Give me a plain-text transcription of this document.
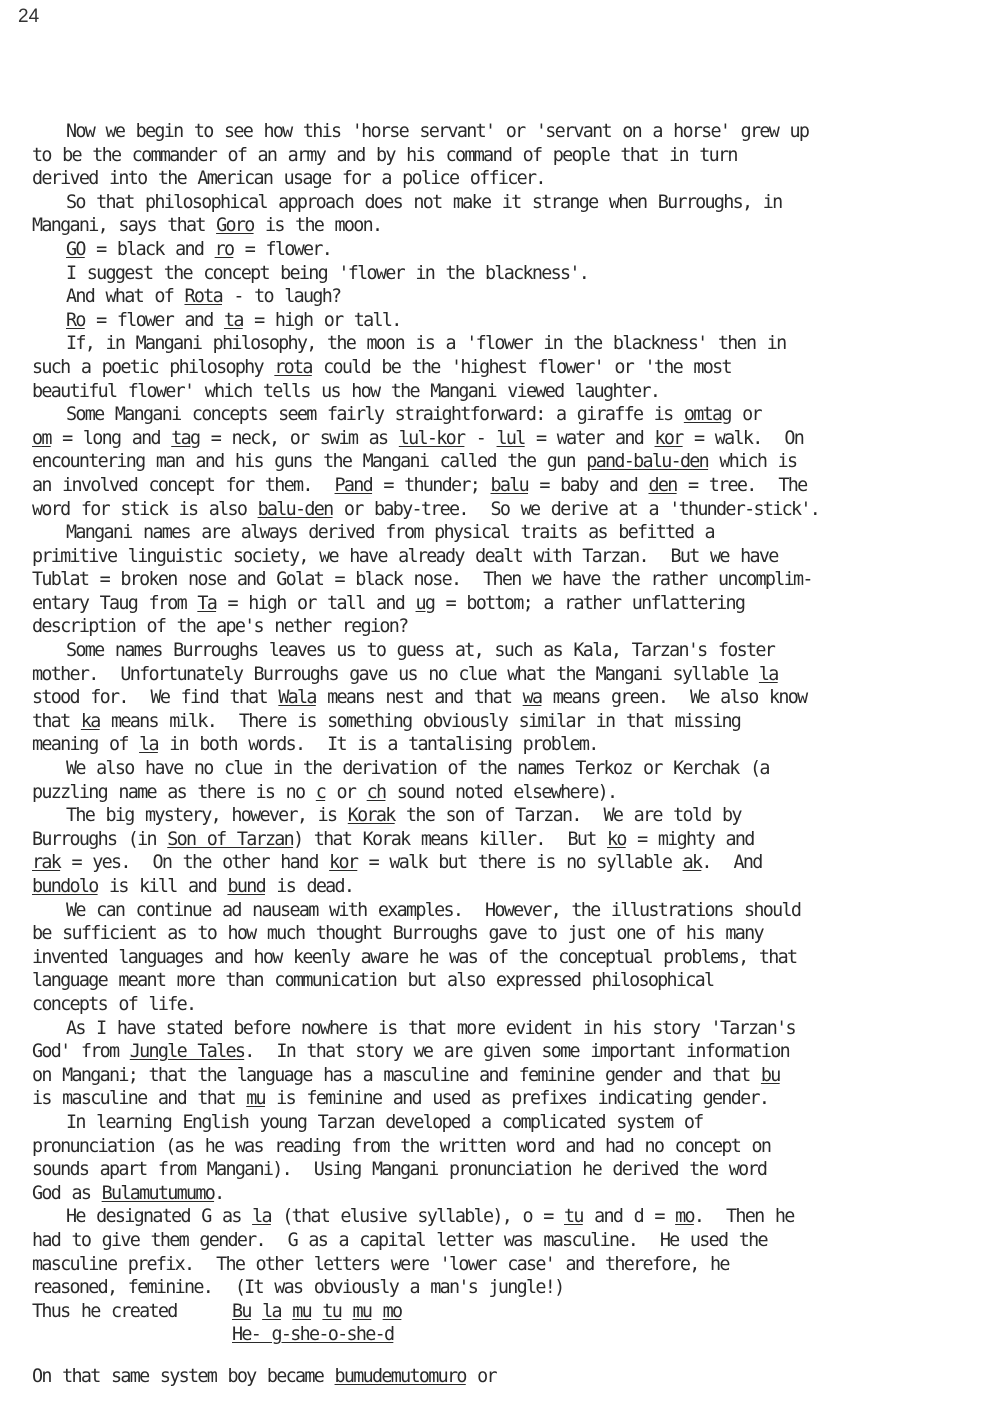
24
Now we begin to see how this 'horse servant' or 'servant on a horse' grew up
to be the commander of an army and by his command of people that in turn
derived into the American usage for a police officer.
So that philosophical approach does not make it strange when Burroughs, in
Mangani, says that Goro is the moon.
GO = black and ro = flower.
I suggest the concept being 'flower in the blackness'.
And what of Rota - to laugh?
Ro = flower and ta = high or tall.
If, in Mangani philosophy, the moon is a 'flower in the blackness' then in
such a poetic philosophy rota could be the 'highest flower' or 'the most
beautiful flower' which tells us how the Mangani viewed laughter.
Some Mangani concepts seem fairly straightforward: a giraffe is omtag or
om = long and tag = neck, or swim as lul-kor - lul = water and kor = walk.  On
encountering man and his guns the Mangani called the gun pand-balu-den which is
an involved concept for them.  Pand = thunder; balu = baby and den = tree.  The
word for stick is also balu-den or baby-tree.  So we derive at a 'thunder-stick'.
Mangani names are always derived from physical traits as befitted a
primitive linguistic society, we have already dealt with Tarzan.  But we have
Tublat = broken nose and Golat = black nose.  Then we have the rather uncomplim-
entary Taug from Ta = high or tall and ug = bottom; a rather unflattering
description of the ape's nether region?
Some names Burroughs leaves us to guess at, such as Kala, Tarzan's foster
mother.  Unfortunately Burroughs gave us no clue what the Mangani syllable la
stood for.  We find that Wala means nest and that wa means green.  We also know
that ka means milk.  There is something obviously similar in that missing
meaning of la in both words.  It is a tantalising problem.
We also have no clue in the derivation of the names Terkoz or Kerchak (a
puzzling name as there is no c or ch sound noted elsewhere).
The big mystery, however, is Korak the son of Tarzan.  We are told by
Burroughs (in Son of Tarzan) that Korak means killer.  But ko = mighty and
rak = yes.  On the other hand kor = walk but there is no syllable ak.  And
bundolo is kill and bund is dead.
We can continue ad nauseam with examples.  However, the illustrations should
be sufficient as to how much thought Burroughs gave to just one of his many
invented languages and how keenly aware he was of the conceptual problems, that
language meant more than communication but also expressed philosophical
concepts of life.
As I have stated before nowhere is that more evident in his story 'Tarzan's
God' from Jungle Tales.  In that story we are given some important information
on Mangani; that the language has a masculine and feminine gender and that bu
is masculine and that mu is feminine and used as prefixes indicating gender.
In learning English young Tarzan developed a complicated system of
pronunciation (as he was reading from the written word and had no concept on
sounds apart from Mangani).  Using Mangani pronunciation he derived the word
God as Bulamutumumo.
He designated G as la (that elusive syllable), o = tu and d = mo.  Then he
had to give them gender.  G as a capital letter was masculine.  He used the
masculine prefix.  The other letters were 'lower case' and therefore, he
reasoned, feminine.  (It was obviously a man's jungle!)
Thus he created	Bu la mu tu mu mo
He- g-she-o-she-d
On that same system boy became bumudemutomuro or
